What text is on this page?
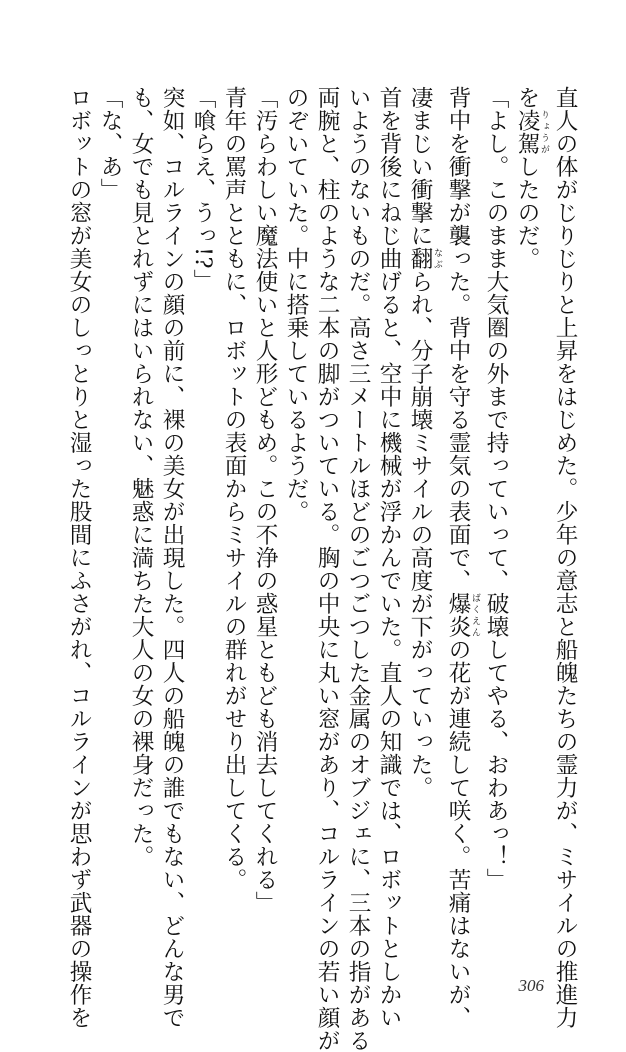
直人の体がじりじりと上昇をはじめた。少年の意志と船魄たちの霊力が、ミサイルの推進力
を凌駕 りょうがしたのだ。
「よし。このまま大気圏の外まで持っていって、破壊してやる、おわあっ！」
背中を衝撃が襲った。背中を守る霊気の表面で、爆炎 ばくえんの花が連続して咲く。苦痛はないが、
凄まじい衝撃に翻 なぶられ、分子崩壊ミサイルの高度が下がっていった。
首を背後にねじ曲げると、空中に機械が浮かんでいた。直人の知識では、ロボットとしかい
いようのないものだ。高さ三メートルほどのごつごつした金属のオブジェに、三本の指がある
両腕と、柱のような二本の脚がついている。胸の中央に丸い窓があり、コルラインの若い顔が
のぞいていた。中に搭乗しているようだ。
「汚らわしい魔法使いと人形どもめ。この不浄の惑星ともども消去してくれる」
青年の罵声とともに、ロボットの表面からミサイルの群れがせり出してくる。
「喰らえ、うっ!?」
突如、コルラインの顔の前に、裸の美女が出現した。四人の船魄の誰でもない、どんな男で
も、女でも見とれずにはいられない、魅惑に満ちた大人の女の裸身だった。
「な、あ」
ロボットの窓が美女のしっとりと湿った股間にふさがれ、コルラインが思わず武器の操作を	306
